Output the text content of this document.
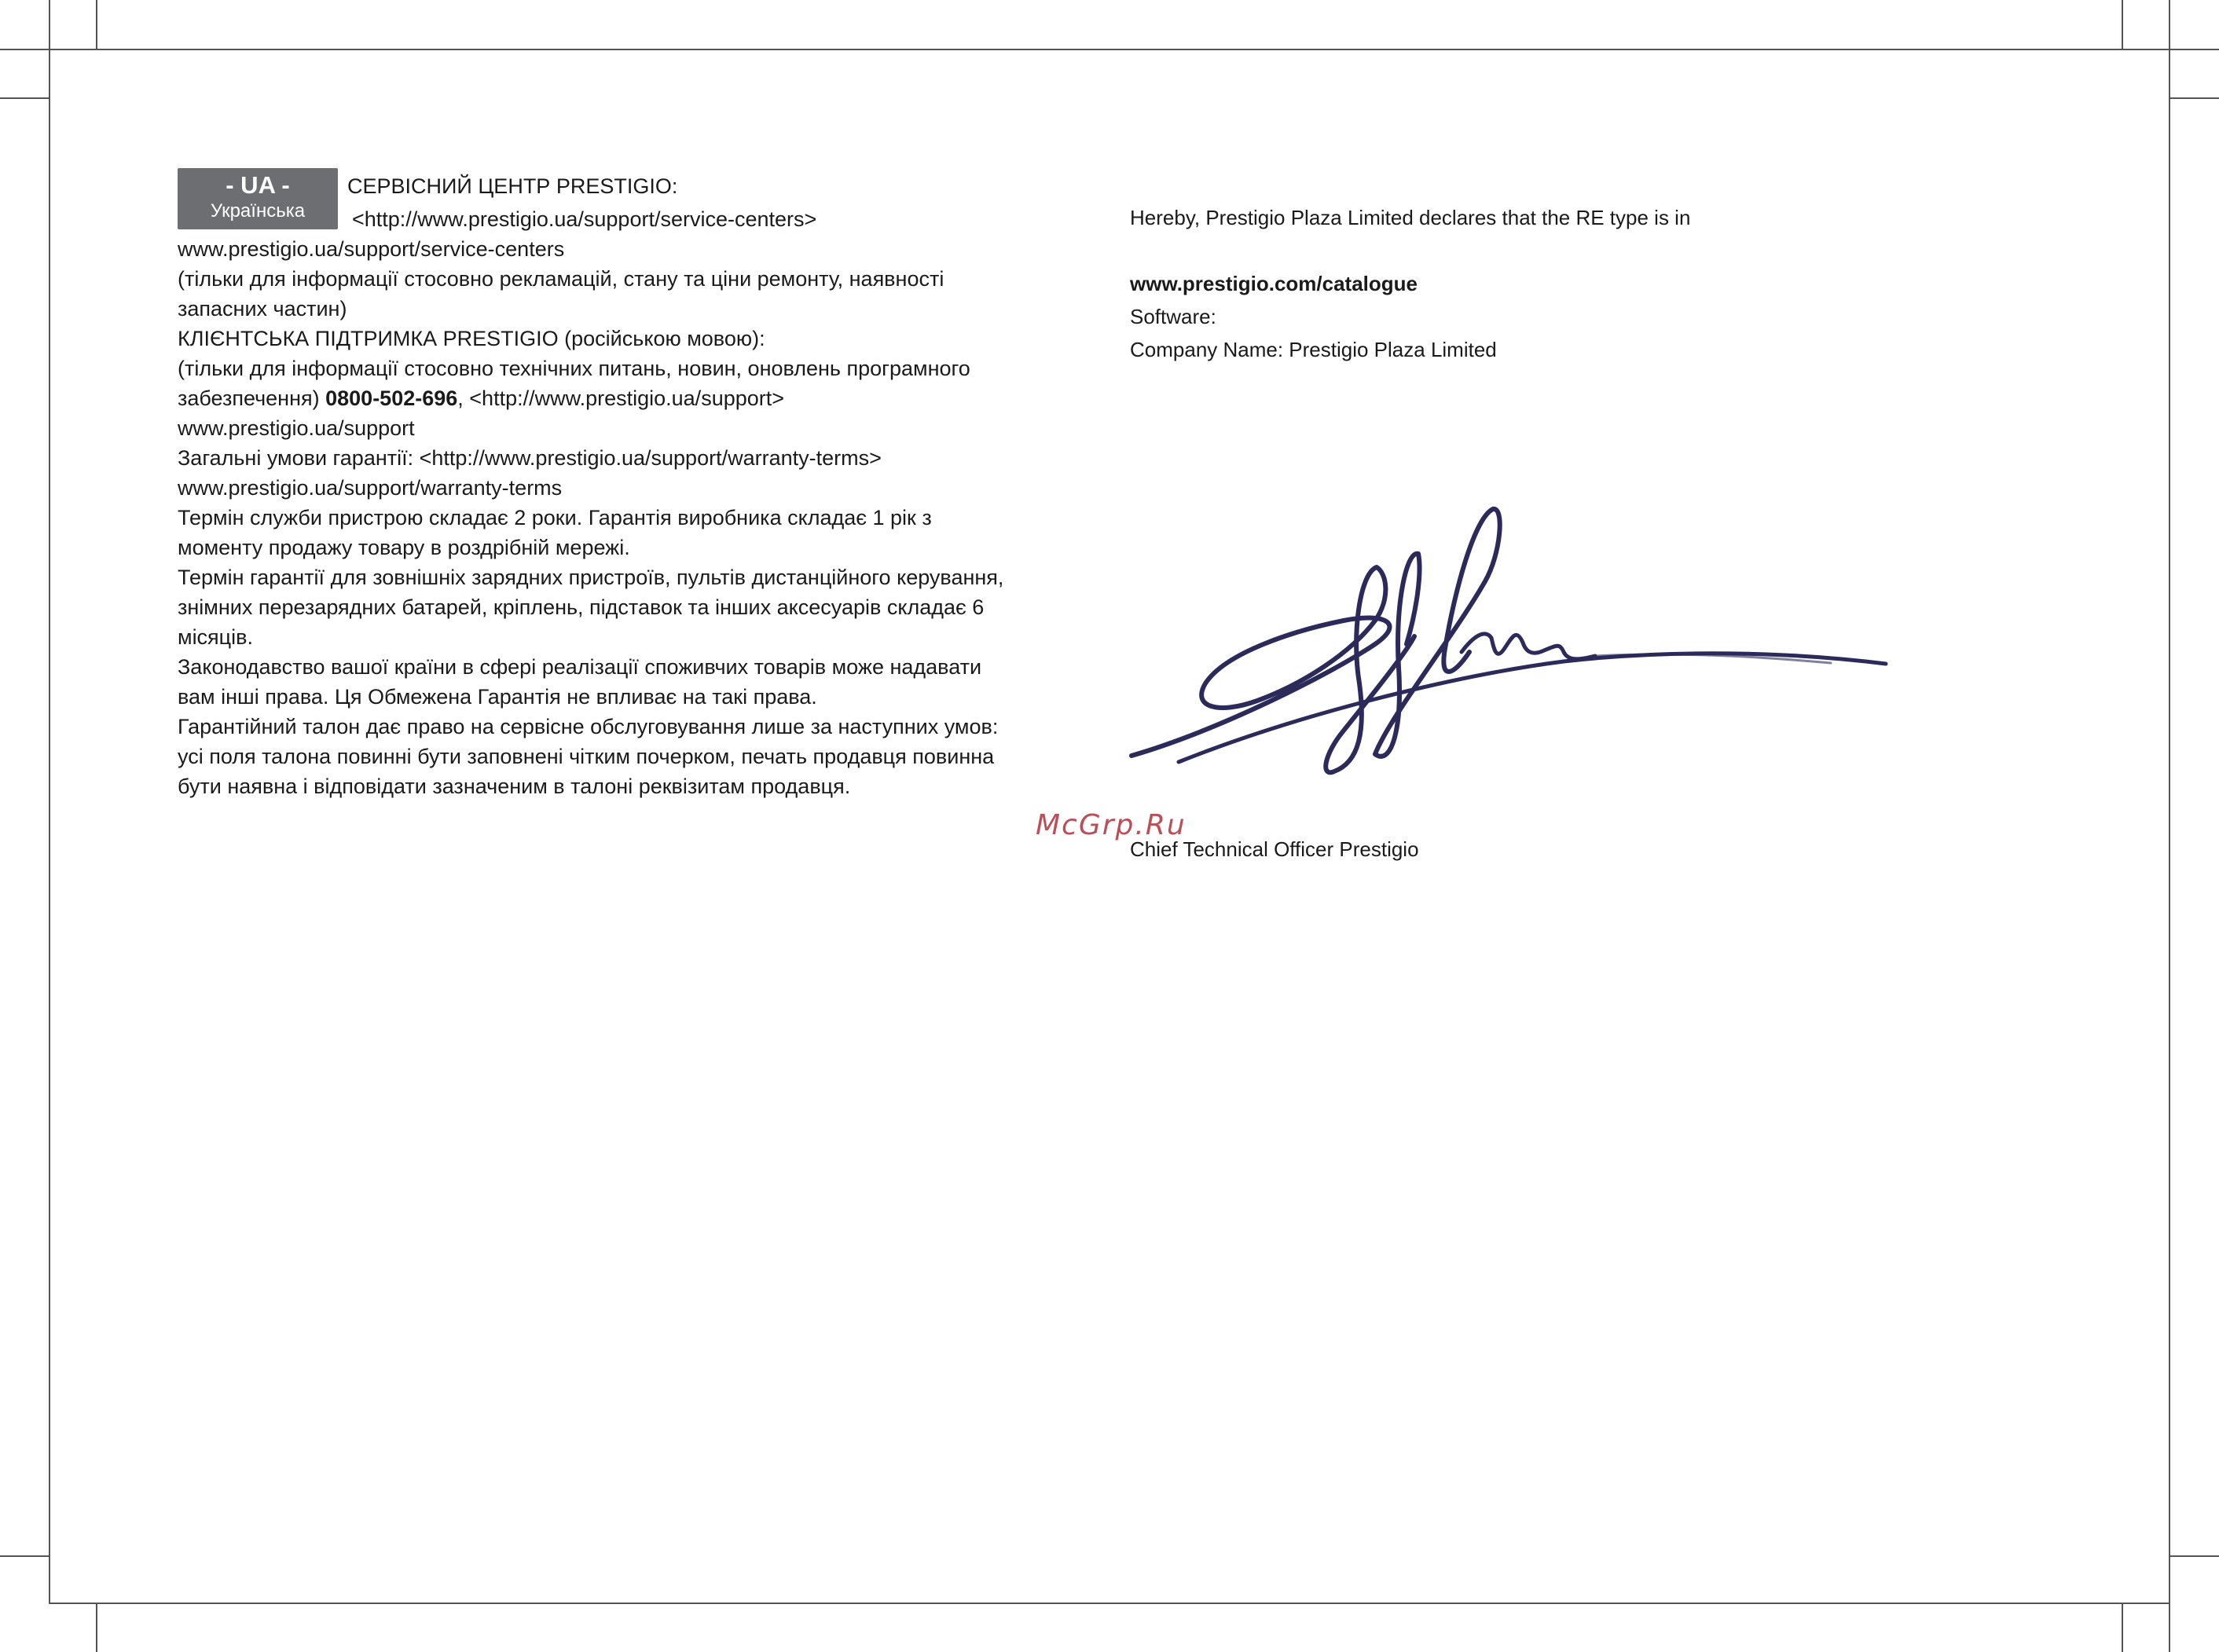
- UA -
Українська
СЕРВІСНИЙ ЦЕНТР PRESTIGIO:
<http://www.prestigio.ua/support/service-centers>
www.prestigio.ua/support/service-centers
(тільки для інформації стосовно рекламацій, стану та ціни ремонту, наявності
запасних частин)
КЛІЄНТСЬКА ПІДТРИМКА PRESTIGIO (російською мовою):
(тільки для інформації стосовно технічних питань, новин, оновлень програмного
забезпечення) 0800-502-696, <http://www.prestigio.ua/support>
www.prestigio.ua/support
Загальні умови гарантії: <http://www.prestigio.ua/support/warranty-terms>
www.prestigio.ua/support/warranty-terms
Термін служби пристрою складає 2 роки. Гарантія виробника складає 1 рік з
моменту продажу товару в роздрібній мережі.
Термін гарантії для зовнішніх зарядних пристроїв, пультів дистанційного керування,
знімних перезарядних батарей, кріплень, підставок та інших аксесуарів складає 6
місяців.
Законодавство вашої країни в сфері реалізації споживчих товарів може надавати
вам інші права. Ця Обмежена Гарантія не впливає на такі права.
Гарантійний талон дає право на сервісне обслуговування лише за наступних умов:
усі поля талона повинні бути заповнені чітким почерком, печать продавця повинна
бути наявна і відповідати зазначеним в талоні реквізитам продавця.
Hereby, Prestigio Plaza Limited declares that the RE type is in
www.prestigio.com/catalogue
Software:
Company Name: Prestigio Plaza Limited
Chief Technical Officer Prestigio
McGrp.Ru
